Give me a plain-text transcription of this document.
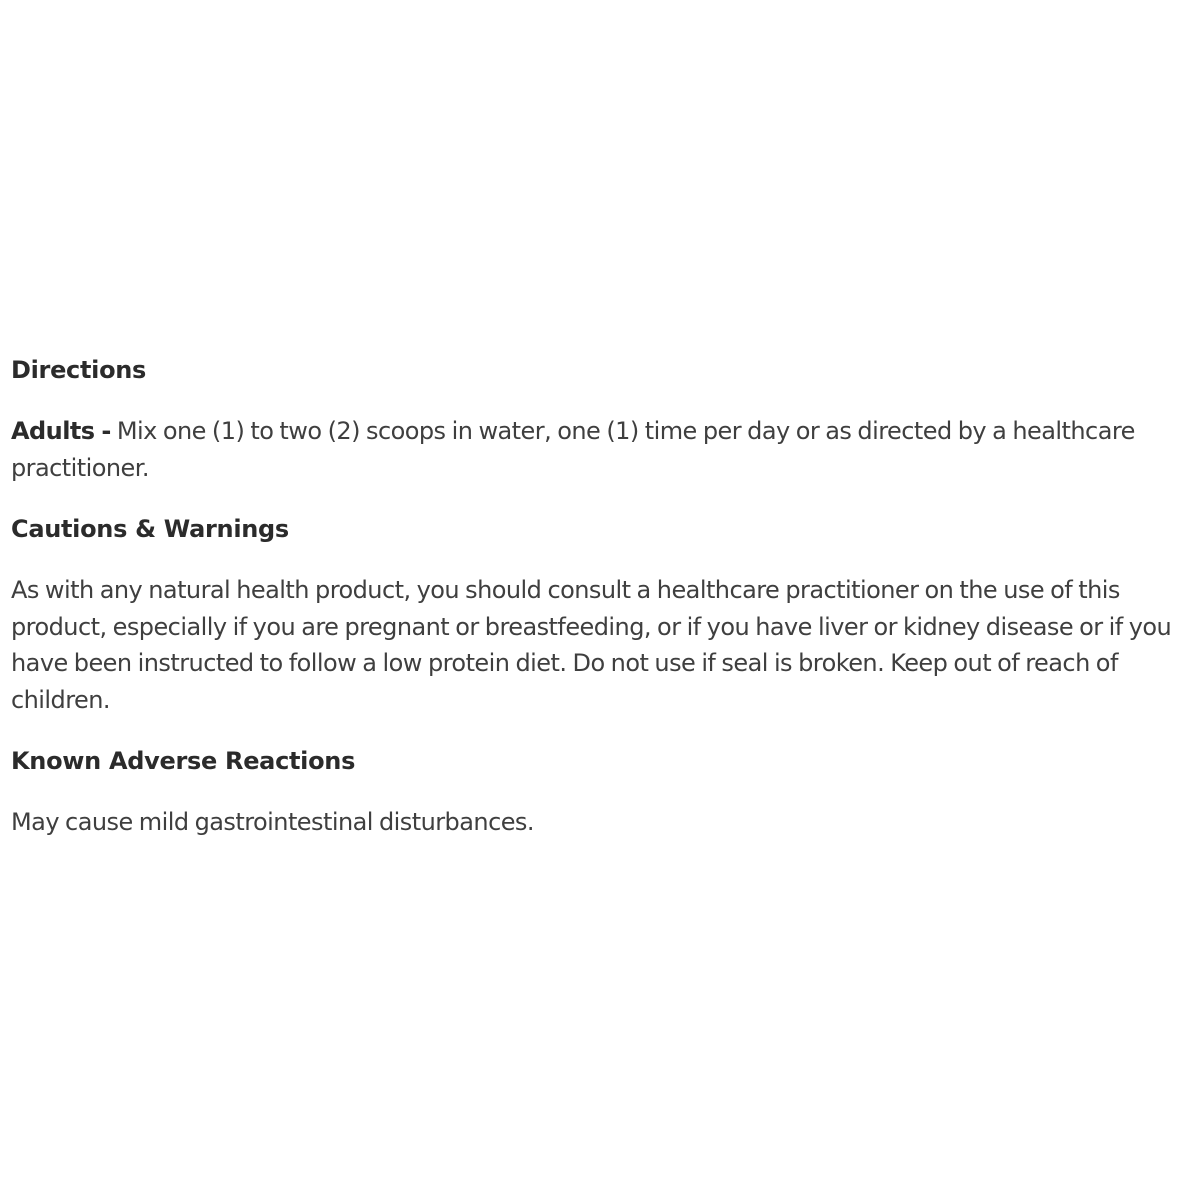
Directions

Adults - Mix one (1) to two (2) scoops in water, one (1) time per day or as directed by a healthcare practitioner.

Cautions & Warnings

As with any natural health product, you should consult a healthcare practitioner on the use of this product, especially if you are pregnant or breastfeeding, or if you have liver or kidney disease or if you have been instructed to follow a low protein diet. Do not use if seal is broken. Keep out of reach of children.

Known Adverse Reactions

May cause mild gastrointestinal disturbances.
